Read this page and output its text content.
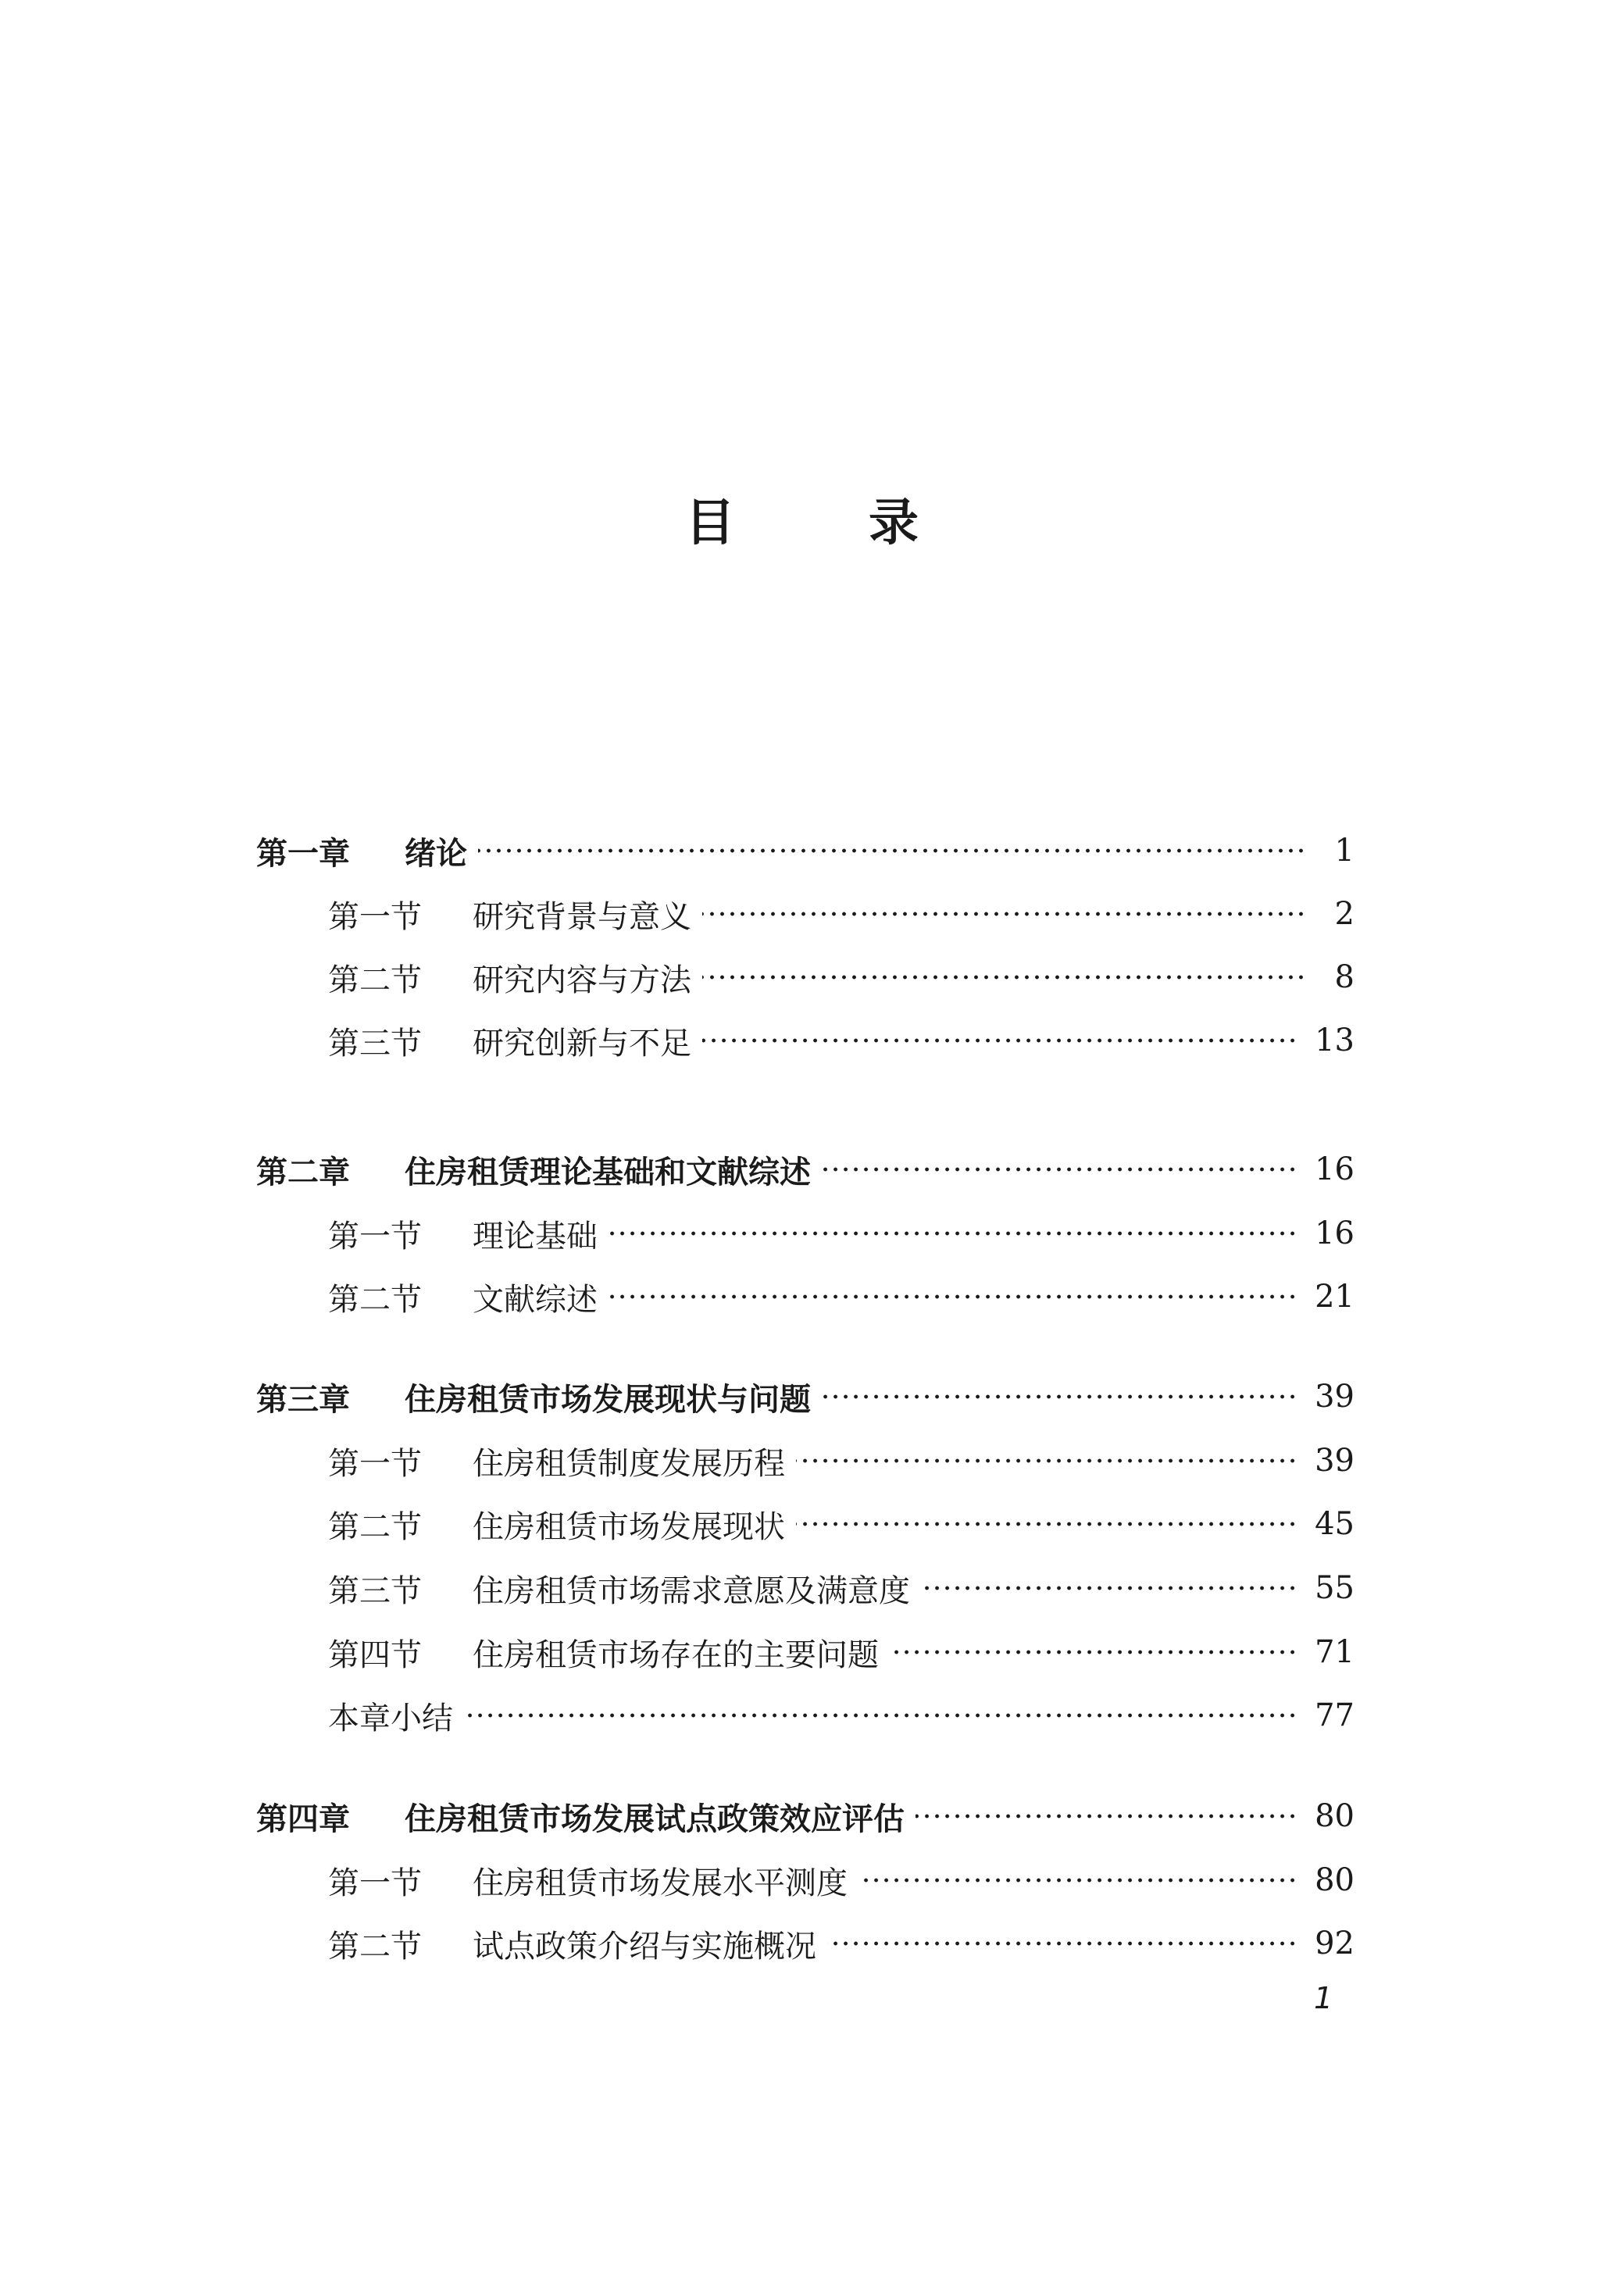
目	录
第一章	绪论	1
第一节	研究背景与意义	2
第二节	研究内容与方法	8
第三节	研究创新与不足	13
第二章	住房租赁理论基础和文献综述	16
第一节	理论基础	16
第二节	文献综述	21
第三章	住房租赁市场发展现状与问题	39
第一节	住房租赁制度发展历程	39
第二节	住房租赁市场发展现状	45
第三节	住房租赁市场需求意愿及满意度	55
第四节	住房租赁市场存在的主要问题	71
本章小结	77
第四章	住房租赁市场发展试点政策效应评估	80
第一节	住房租赁市场发展水平测度	80
第二节	试点政策介绍与实施概况	92
1
